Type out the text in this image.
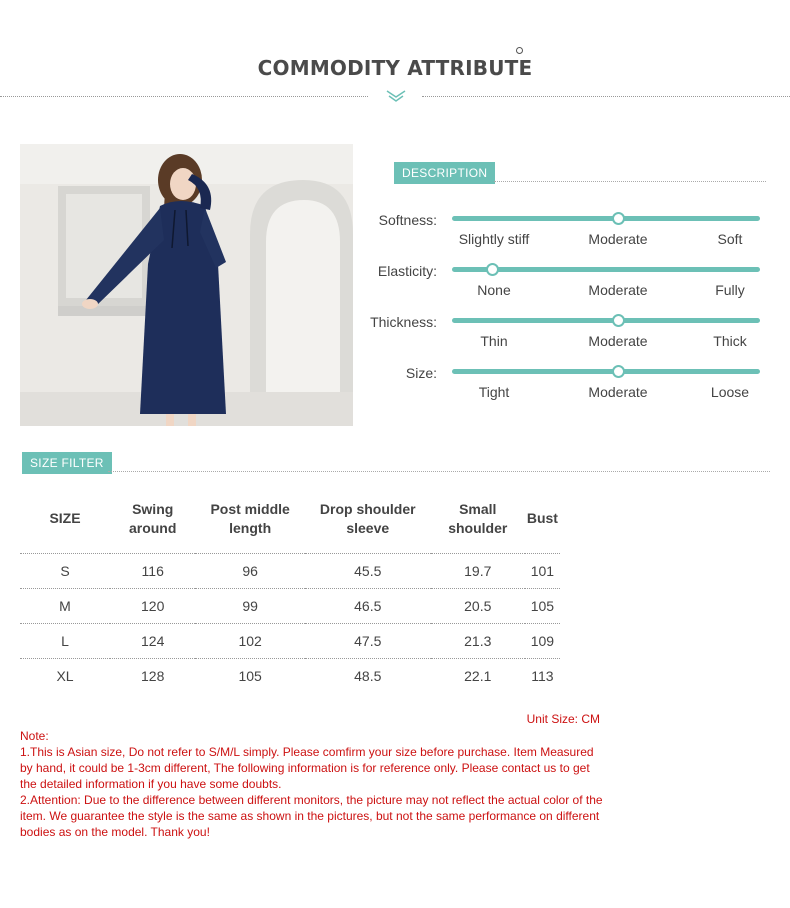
COMMODITY ATTRIBUTE
DESCRIPTION
Softness:
Slightly stiff	Moderate	Soft
Elasticity:
None	Moderate	Fully
Thickness:
Thin	Moderate	Thick
Size:
Tight	Moderate	Loose
SIZE FILTER
SIZE	Swing around	Post middle length	Drop shoulder sleeve	Small shoulder	Bust
S	116	96	45.5	19.7	101
M	120	99	46.5	20.5	105
L	124	102	47.5	21.3	109
XL	128	105	48.5	22.1	113
Unit Size: CM

Note:

1.This is Asian size, Do not refer to S/M/L simply. Please comfirm your size before purchase. Item Measured by hand, it could be 1-3cm different, The following information is for reference only. Please contact us to get the detailed information if you have some doubts.

2.Attention: Due to the difference between different monitors, the picture may not reflect the actual color of the item. We guarantee the style is the same as shown in the pictures, but not the same performance on different bodies as on the model. Thank you!
